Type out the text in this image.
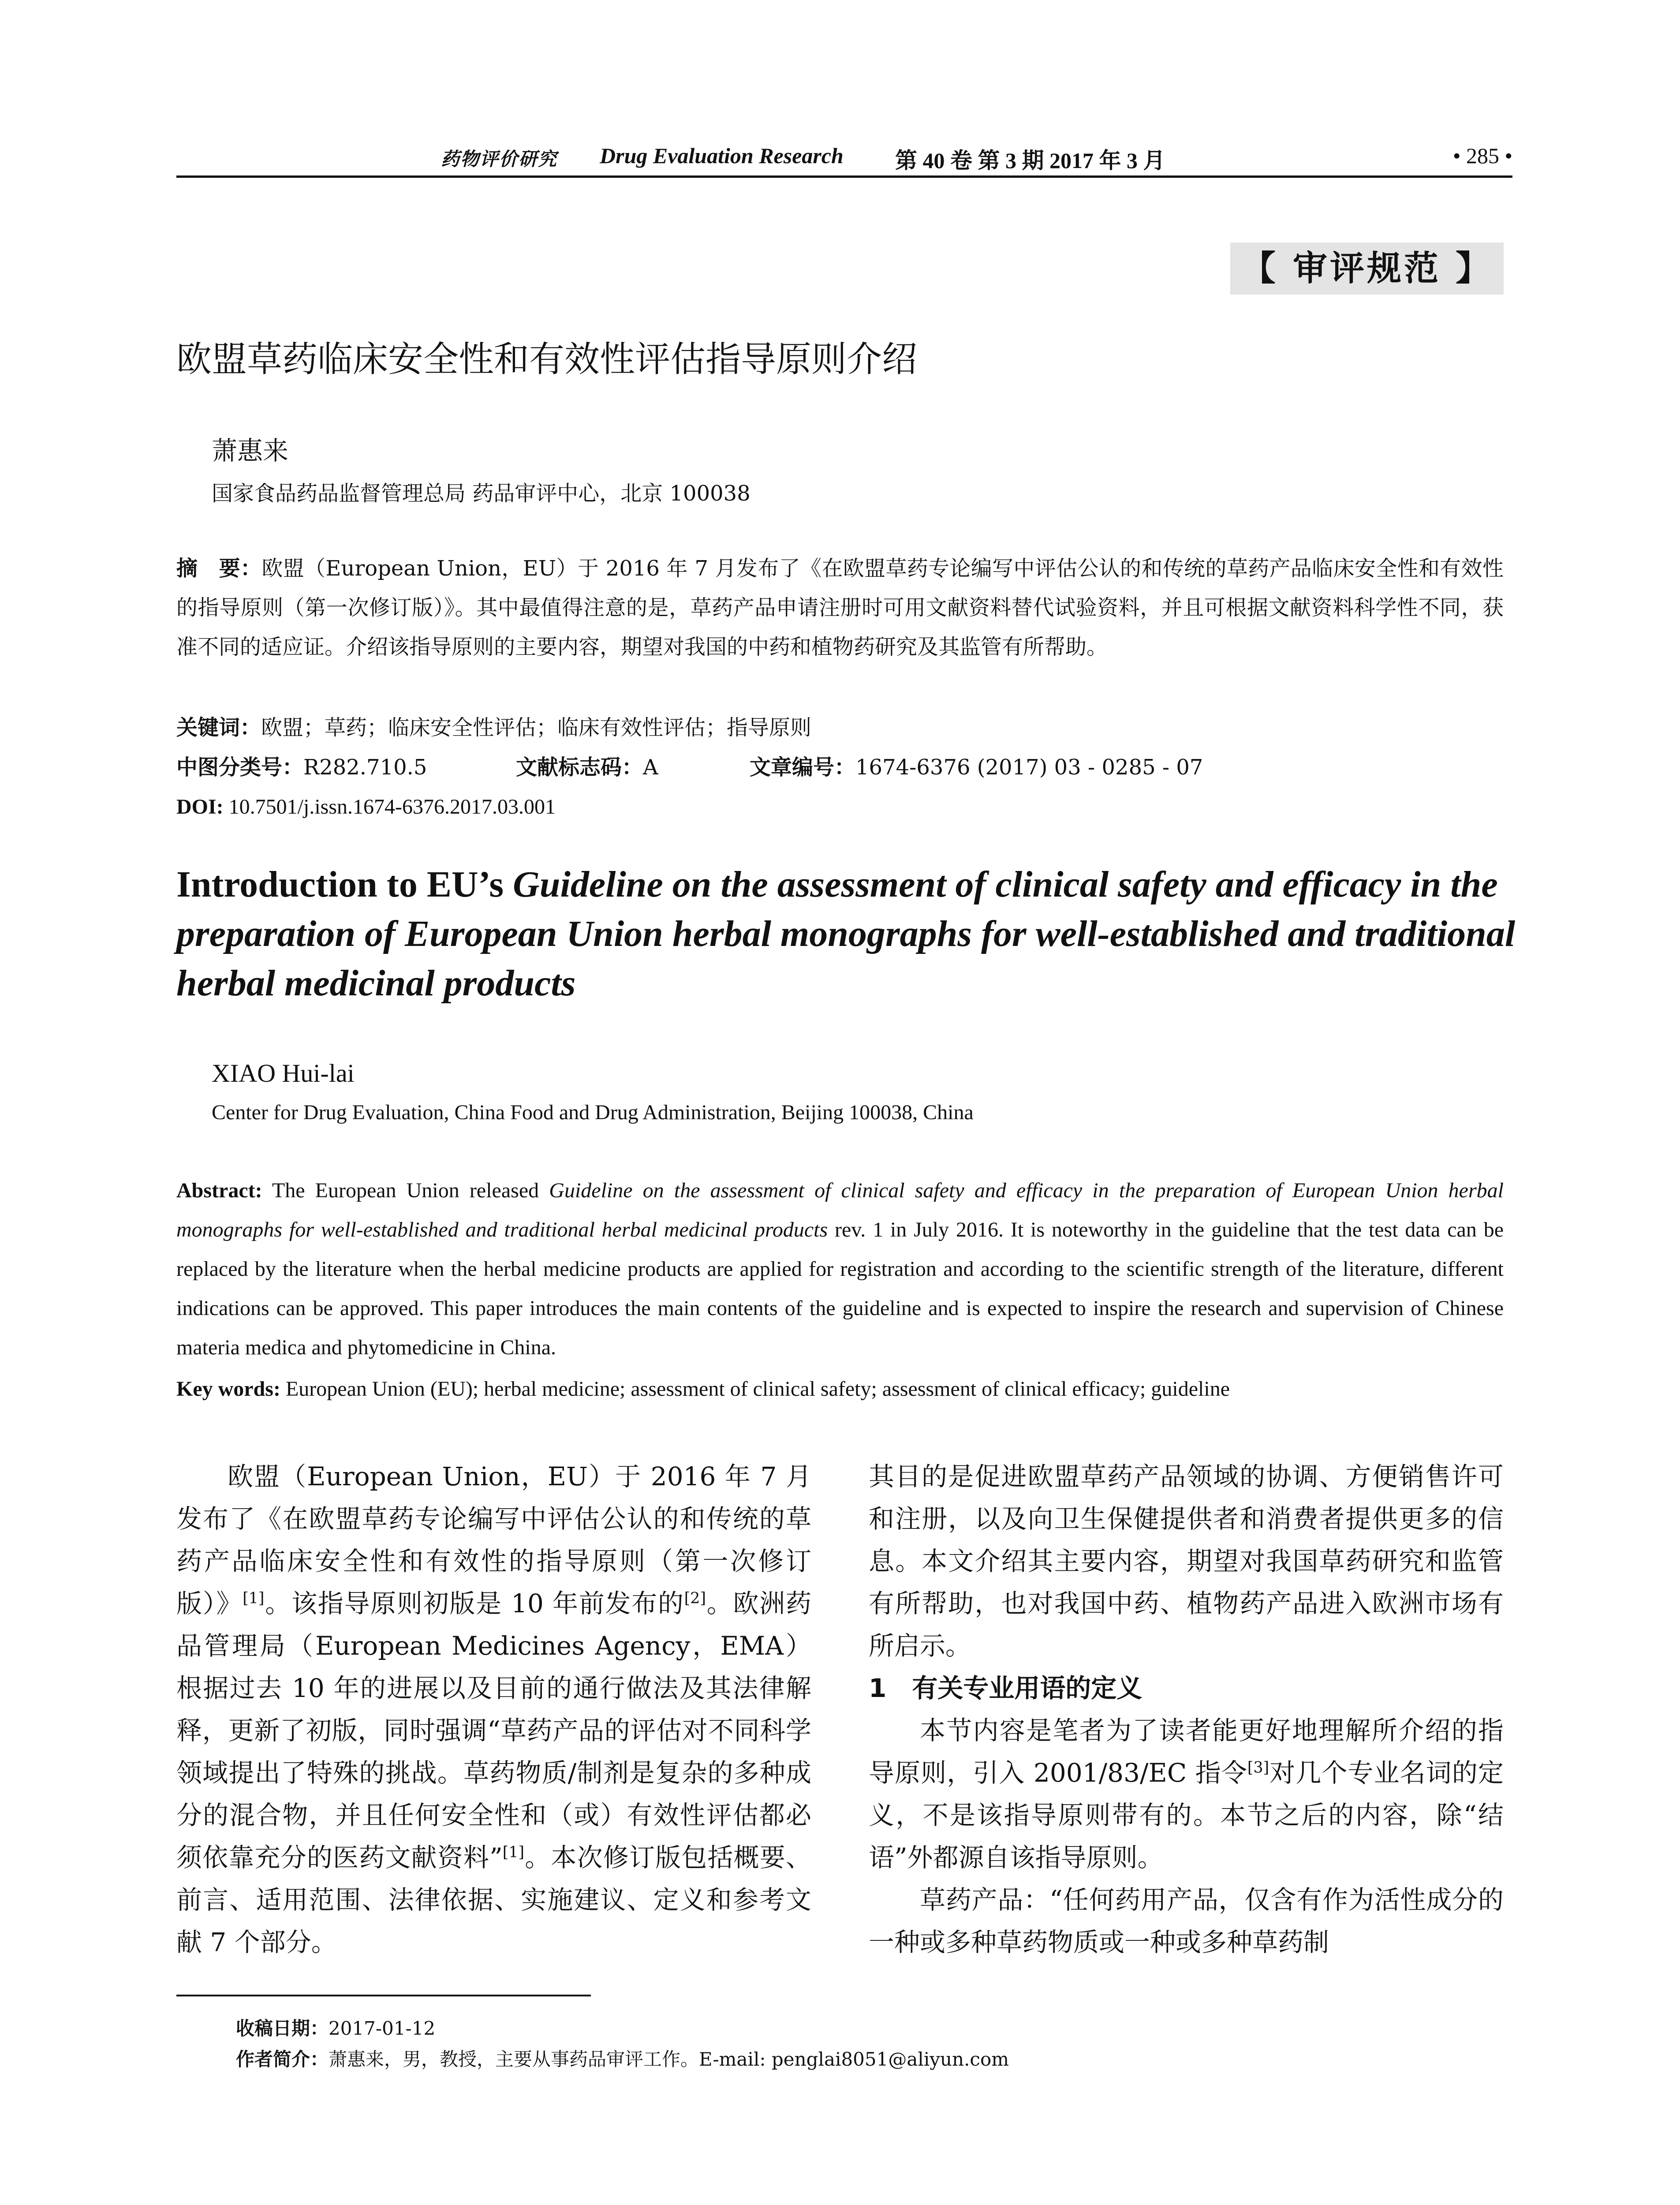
药物评价研究 Drug Evaluation Research 第 40 卷 第 3 期 2017 年 3 月	• 285 •
【 审评规范 】
欧盟草药临床安全性和有效性评估指导原则介绍
萧惠来
国家食品药品监督管理总局 药品审评中心，北京 100038
摘　要：欧盟（European Union，EU）于 2016 年 7 月发布了《在欧盟草药专论编写中评估公认的和传统的草药产品临床安全性和有效性的指导原则（第一次修订版）》。其中最值得注意的是，草药产品申请注册时可用文献资料替代试验资料，并且可根据文献资料科学性不同，获准不同的适应证。介绍该指导原则的主要内容，期望对我国的中药和植物药研究及其监管有所帮助。
关键词：欧盟；草药；临床安全性评估；临床有效性评估；指导原则
中图分类号：R282.710.5	文献标志码：A	文章编号：1674-6376 (2017) 03 - 0285 - 07
DOI: 10.7501/j.issn.1674-6376.2017.03.001
Introduction to EU’s Guideline on the assessment of clinical safety and efficacy in the preparation of European Union herbal monographs for well-established and traditional herbal medicinal products
XIAO Hui-lai
Center for Drug Evaluation, China Food and Drug Administration, Beijing 100038, China
Abstract: The European Union released Guideline on the assessment of clinical safety and efficacy in the preparation of European Union herbal monographs for well-established and traditional herbal medicinal products rev. 1 in July 2016. It is noteworthy in the guideline that the test data can be replaced by the literature when the herbal medicine products are applied for registration and according to the scientific strength of the literature, different indications can be approved. This paper introduces the main contents of the guideline and is expected to inspire the research and supervision of Chinese materia medica and phytomedicine in China.
Key words: European Union (EU); herbal medicine; assessment of clinical safety; assessment of clinical efficacy; guideline

欧盟（European Union，EU）于 2016 年 7 月发布了《在欧盟草药专论编写中评估公认的和传统的草药产品临床安全性和有效性的指导原则（第一次修订版）》[1]。该指导原则初版是 10 年前发布的[2]。欧洲药品管理局（European Medicines Agency，EMA）根据过去 10 年的进展以及目前的通行做法及其法律解释，更新了初版，同时强调“草药产品的评估对不同科学领域提出了特殊的挑战。草药物质/制剂是复杂的多种成分的混合物，并且任何安全性和（或）有效性评估都必须依靠充分的医药文献资料”[1]。本次修订版包括概要、前言、适用范围、法律依据、实施建议、定义和参考文献 7 个部分。

其目的是促进欧盟草药产品领域的协调、方便销售许可和注册，以及向卫生保健提供者和消费者提供更多的信息。本文介绍其主要内容，期望对我国草药研究和监管有所帮助，也对我国中药、植物药产品进入欧洲市场有所启示。

1　有关专业用语的定义

本节内容是笔者为了读者能更好地理解所介绍的指导原则，引入 2001/83/EC 指令[3]对几个专业名词的定义，不是该指导原则带有的。本节之后的内容，除“结语”外都源自该指导原则。

草药产品：“任何药用产品，仅含有作为活性成分的一种或多种草药物质或一种或多种草药制

收稿日期：2017-01-12
作者简介：萧惠来，男，教授，主要从事药品审评工作。E-mail: penglai8051@aliyun.com
